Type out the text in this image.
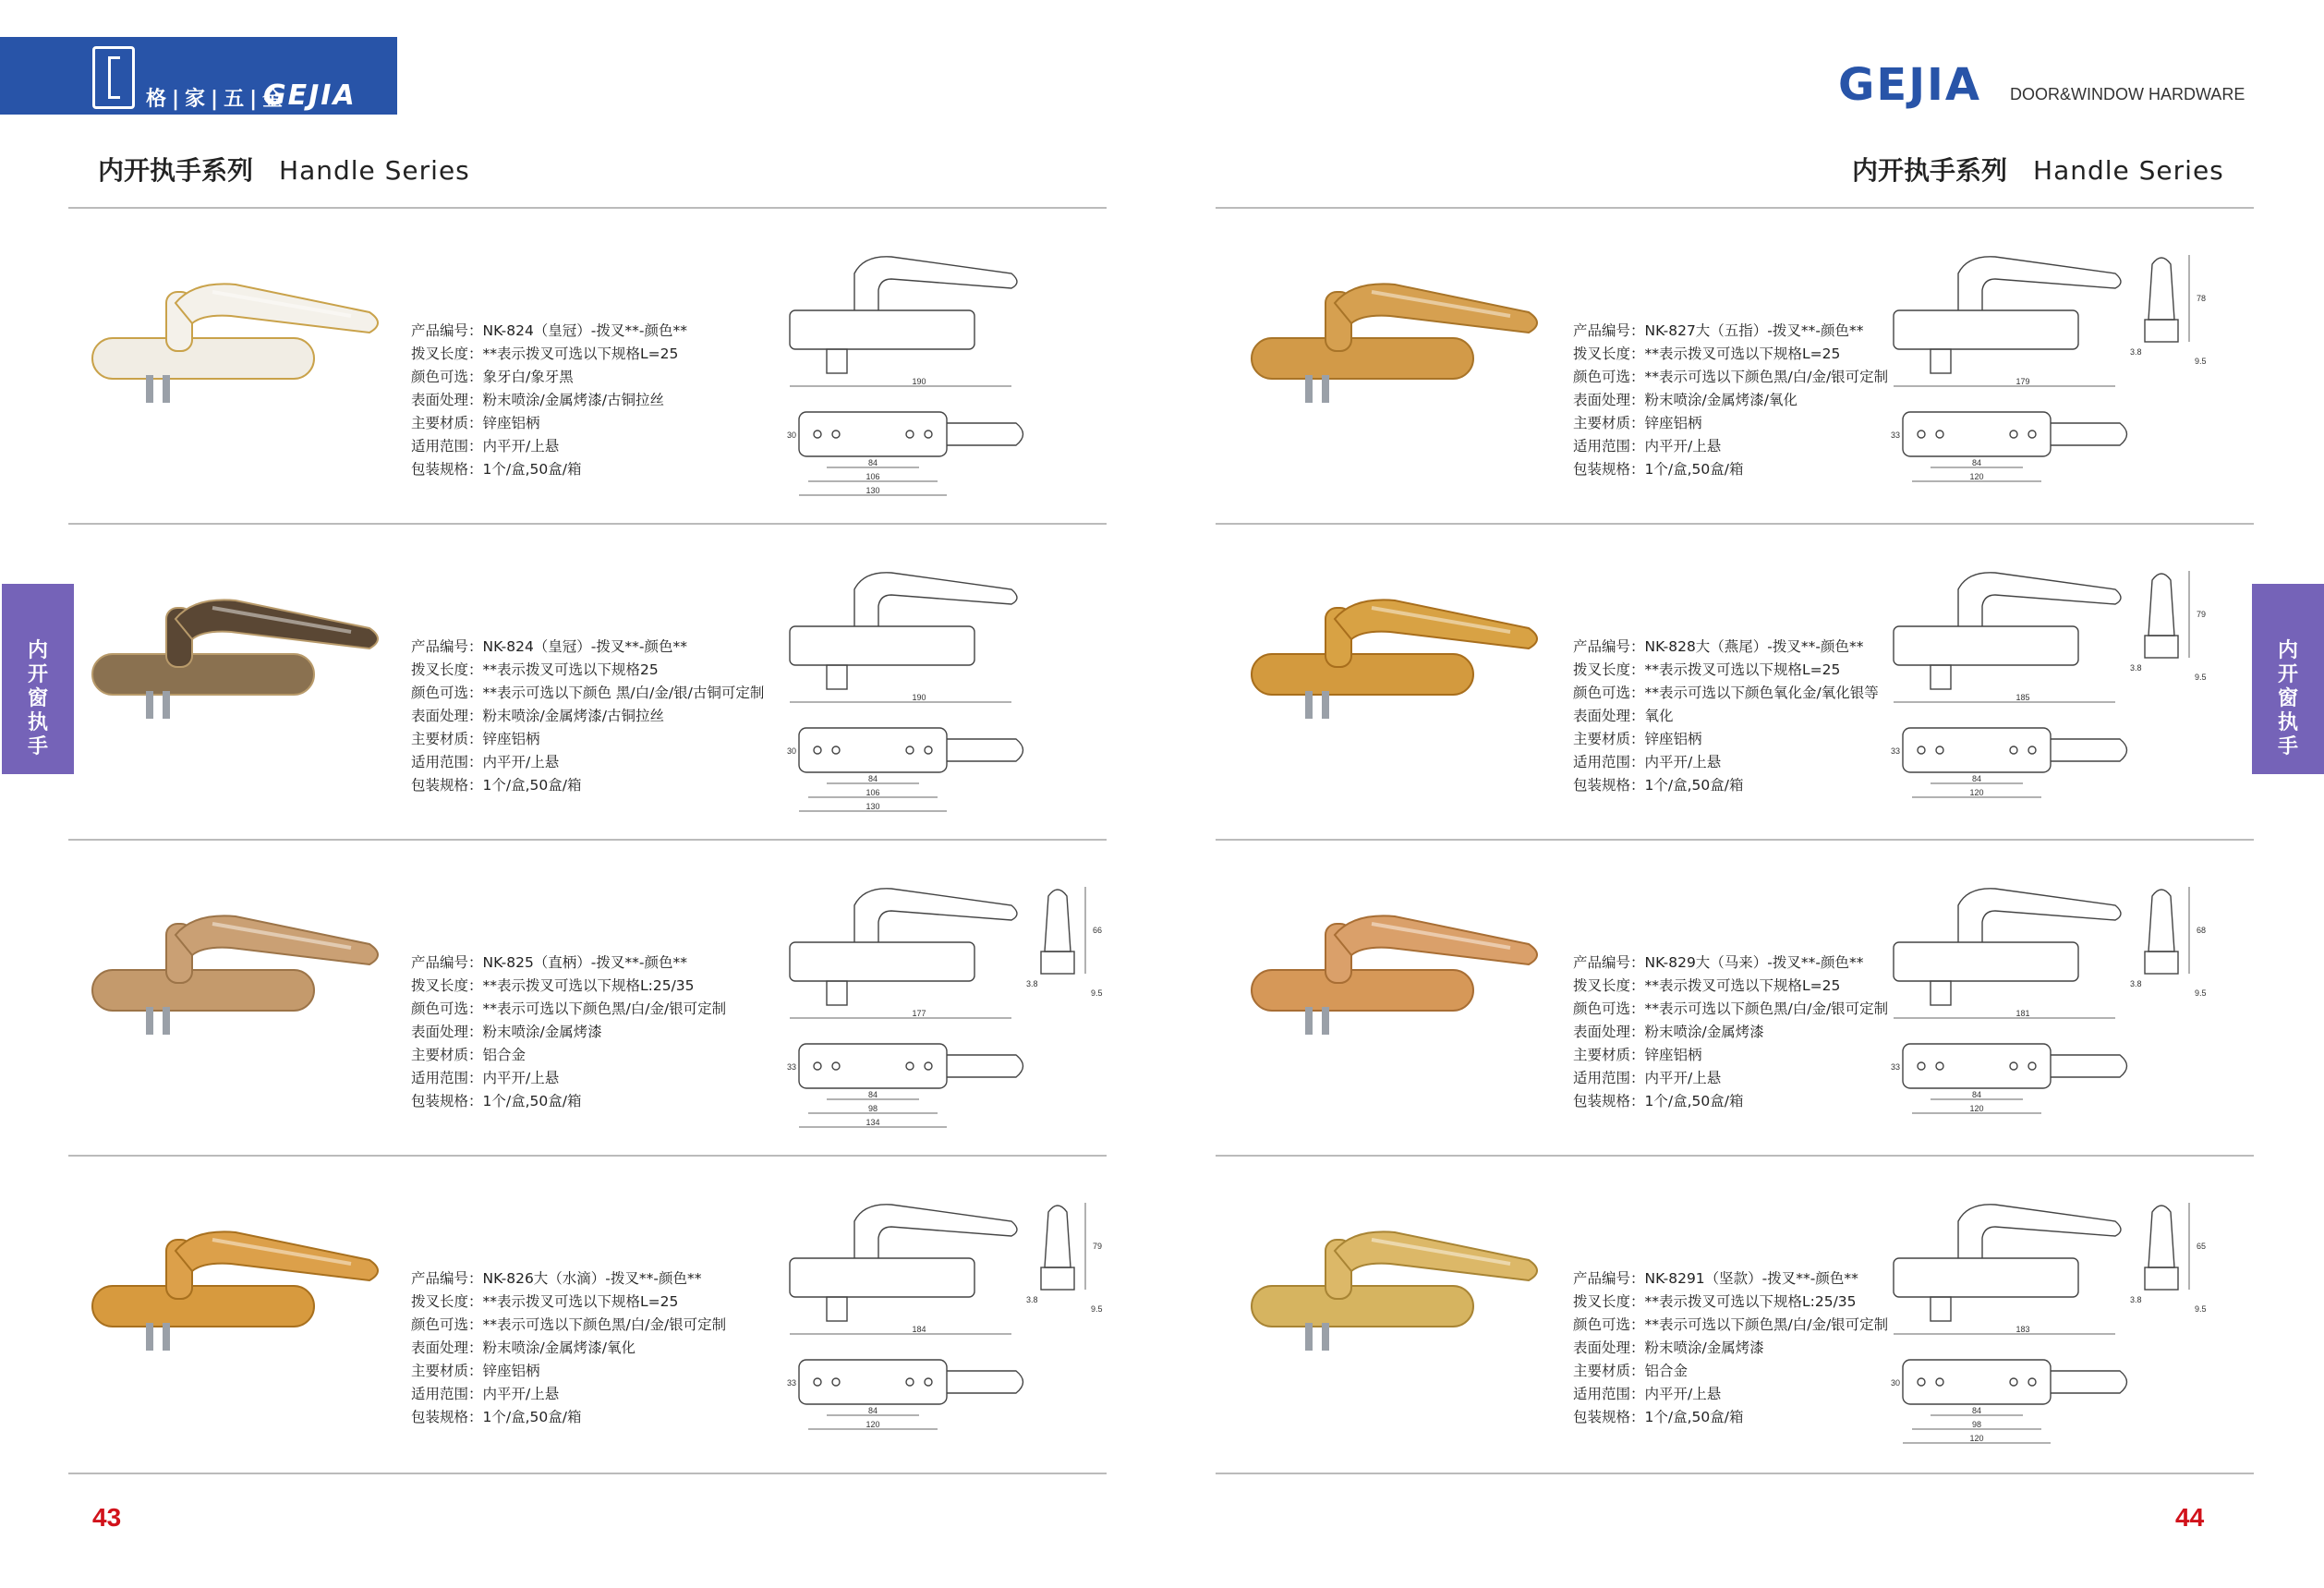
格|家|五|金
GEJIA	GEJIA DOOR&WINDOW HARDWARE
内开执手系列 Handle Series	内开执手系列 Handle Series
内开窗执手
内开窗执手
43	44
产品编号：NK-824（皇冠）-拨叉**-颜色**
拨叉长度：**表示拨叉可选以下规格L=25
颜色可选：象牙白/象牙黑
表面处理：粉末喷涂/金属烤漆/古铜拉丝
主要材质：锌座铝柄
适用范围：内平开/上悬
包装规格：1个/盒,50盒/箱
190
84
106
130
30
产品编号：NK-824（皇冠）-拨叉**-颜色**
拨叉长度：**表示拨叉可选以下规格25
颜色可选：**表示可选以下颜色 黑/白/金/银/古铜可定制
表面处理：粉末喷涂/金属烤漆/古铜拉丝
主要材质：锌座铝柄
适用范围：内平开/上悬
包装规格：1个/盒,50盒/箱
190
84
106
130
30
产品编号：NK-825（直柄）-拨叉**-颜色**
拨叉长度：**表示拨叉可选以下规格L:25/35
颜色可选：**表示可选以下颜色黑/白/金/银可定制
表面处理：粉末喷涂/金属烤漆
主要材质：铝合金
适用范围：内平开/上悬
包装规格：1个/盒,50盒/箱
177
84
98
134
33
66
3.8
9.5
产品编号：NK-826大（水滴）-拨叉**-颜色**
拨叉长度：**表示拨叉可选以下规格L=25
颜色可选：**表示可选以下颜色黑/白/金/银可定制
表面处理：粉末喷涂/金属烤漆/氧化
主要材质：锌座铝柄
适用范围：内平开/上悬
包装规格：1个/盒,50盒/箱
184
84
120
33
79
3.8
9.5
产品编号：NK-827大（五指）-拨叉**-颜色**
拨叉长度：**表示拨叉可选以下规格L=25
颜色可选：**表示可选以下颜色黑/白/金/银可定制
表面处理：粉末喷涂/金属烤漆/氧化
主要材质：锌座铝柄
适用范围：内平开/上悬
包装规格：1个/盒,50盒/箱
179
84
120
33
78
3.8
9.5
产品编号：NK-828大（燕尾）-拨叉**-颜色**
拨叉长度：**表示拨叉可选以下规格L=25
颜色可选：**表示可选以下颜色氧化金/氧化银等
表面处理：氧化
主要材质：锌座铝柄
适用范围：内平开/上悬
包装规格：1个/盒,50盒/箱
185
84
120
33
79
3.8
9.5
产品编号：NK-829大（马来）-拨叉**-颜色**
拨叉长度：**表示拨叉可选以下规格L=25
颜色可选：**表示可选以下颜色黑/白/金/银可定制
表面处理：粉末喷涂/金属烤漆
主要材质：锌座铝柄
适用范围：内平开/上悬
包装规格：1个/盒,50盒/箱
181
84
120
33
68
3.8
9.5
产品编号：NK-8291（坚款）-拨叉**-颜色**
拨叉长度：**表示拨叉可选以下规格L:25/35
颜色可选：**表示可选以下颜色黑/白/金/银可定制
表面处理：粉末喷涂/金属烤漆
主要材质：铝合金
适用范围：内平开/上悬
包装规格：1个/盒,50盒/箱
183
84
98
120
30
65
3.8
9.5
